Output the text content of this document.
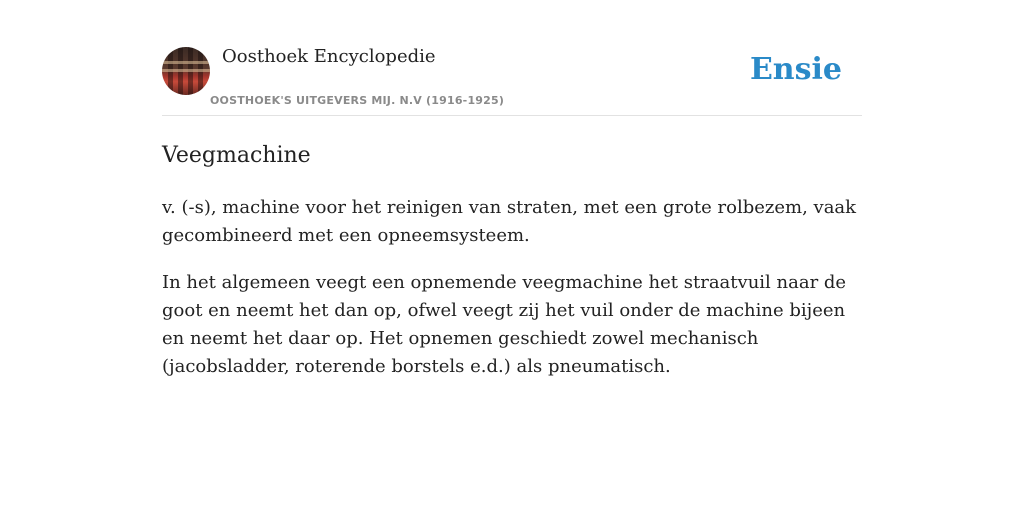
Oosthoek Encyclopedie
OOSTHOEK'S UITGEVERS MIJ. N.V (1916-1925)
Ensie
Veegmachine

v. (-s), machine voor het reinigen van straten, met een grote rolbezem, vaak gecombineerd met een opneemsysteem.

In het algemeen veegt een opnemende veegmachine het straatvuil naar de goot en neemt het dan op, ofwel veegt zij het vuil onder de machine bijeen en neemt het daar op. Het opnemen geschiedt zowel mechanisch (jacobsladder, roterende borstels e.d.) als pneumatisch.
